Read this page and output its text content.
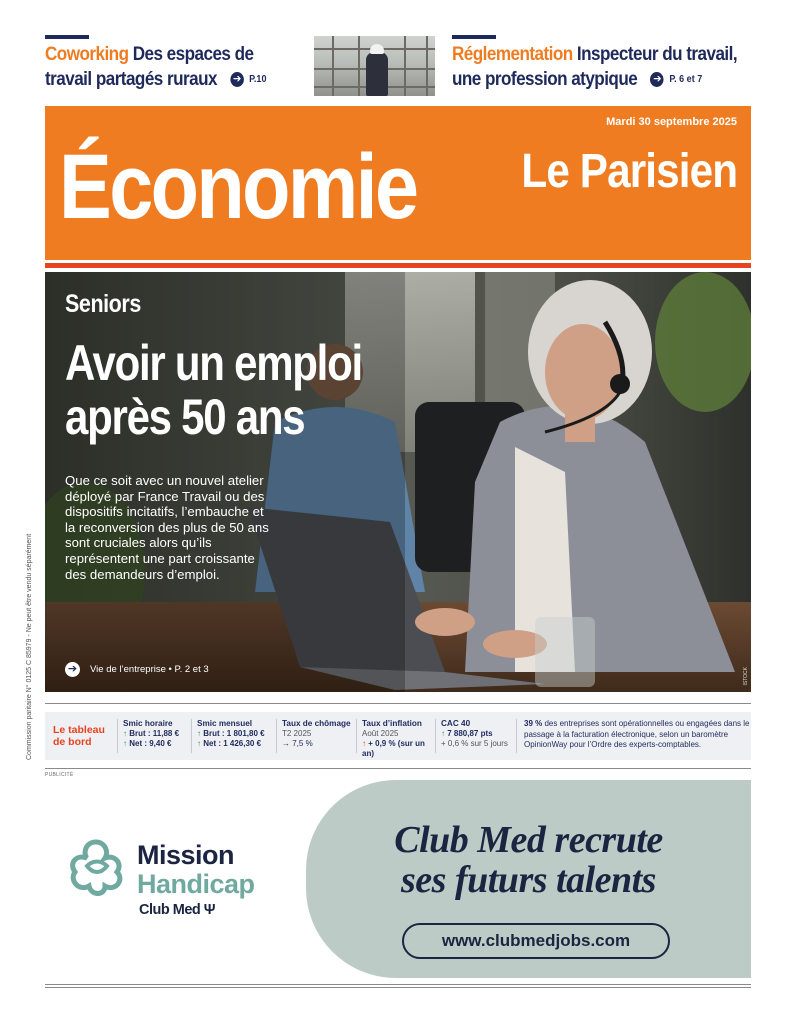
Coworking Des espaces de
travail partagés ruraux ➔ P.10
Réglementation Inspecteur du travail,
une profession atypique ➔ P. 6 et 7
Mardi 30 septembre 2025
Économie Le Parisien
Seniors
Avoir un emploi
après 50 ans
Que ce soit avec un nouvel atelier déployé par France Travail ou des dispositifs incitatifs, l’embauche et la reconversion des plus de 50 ans sont cruciales alors qu’ils représentent une part croissante des demandeurs d’emploi.
➔	Vie de l’entreprise • P. 2 et 3	ISTOCK
Le tableau
de bord
Smic horaire
↑ Brut : 11,88 €
↑ Net : 9,40 €
Smic mensuel
↑ Brut : 1 801,80 €
↑ Net : 1 426,30 €
Taux de chômage
T2 2025
→ 7,5 %
Taux d’inflation
Août 2025
↑ + 0,9 % (sur un an)
CAC 40
↑ 7 880,87 pts
+ 0,6 % sur 5 jours
39 % des entreprises sont opérationnelles ou engagées dans le passage à la facturation électronique, selon un baromètre OpinionWay pour l’Ordre des experts-comptables.
PUBLICITÉ
Mission
Handicap
Club Med Ψ
Club Med recrute
ses futurs talents
www.clubmedjobs.com
Commission paritaire N° 0125 C 85979 - Ne peut être vendu séparément
